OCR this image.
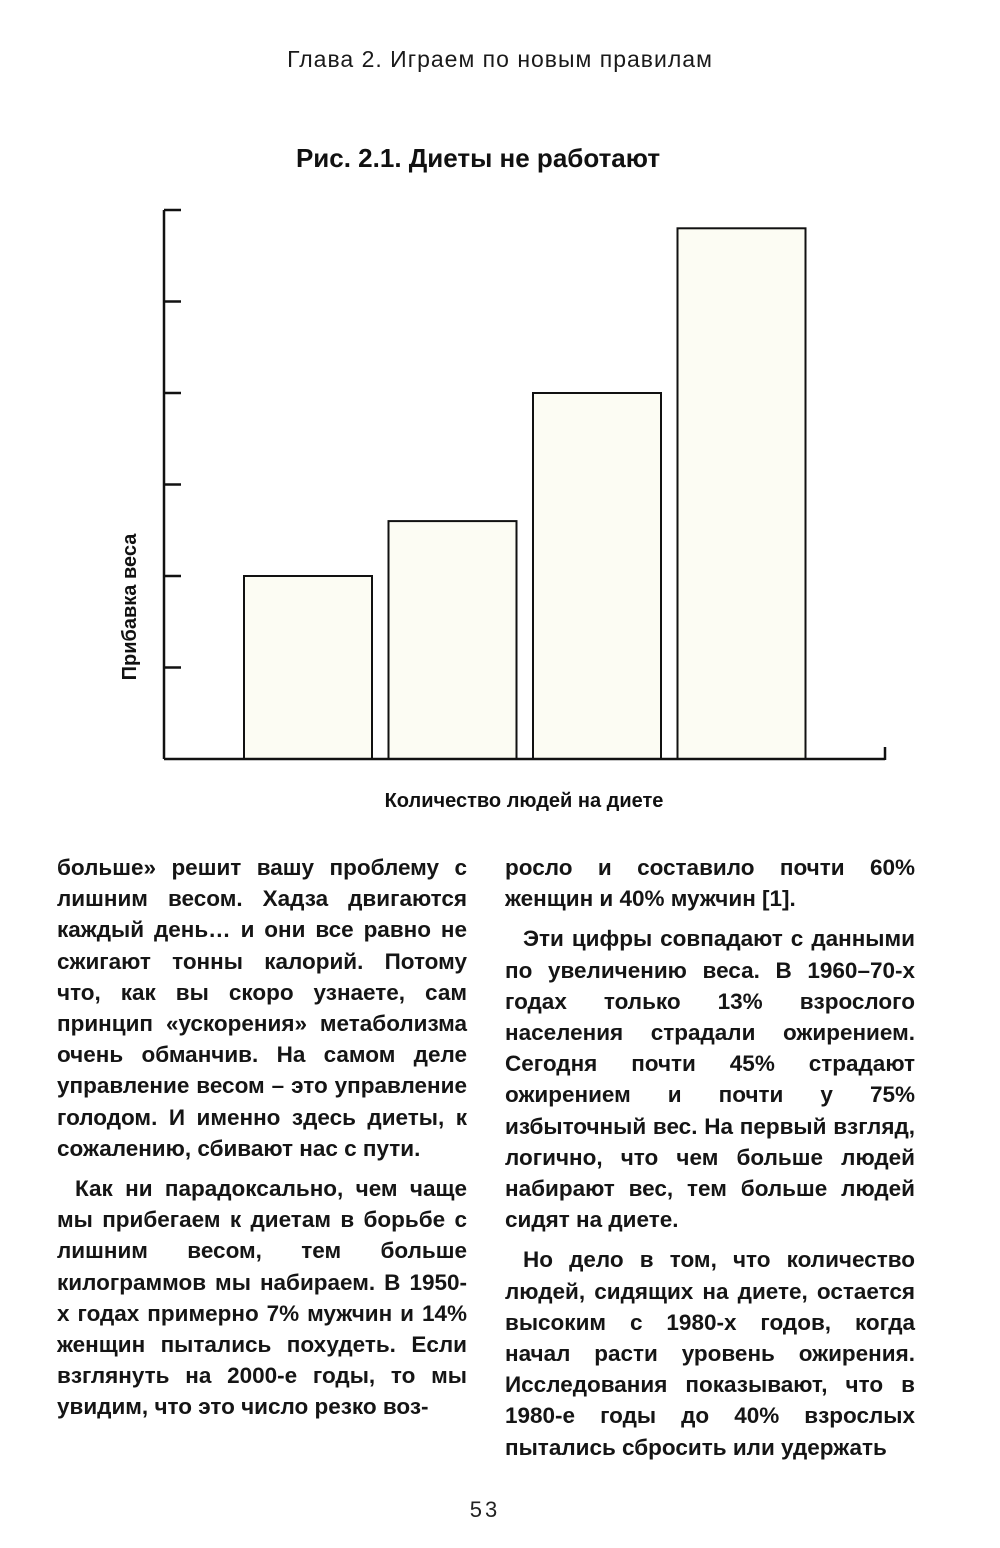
Глава 2. Играем по новым правилам
Рис. 2.1. Диеты не работают
Прибавка веса
Количество людей на диете

больше» решит вашу проблему с лишним весом. Хадза двигаются каждый день… и они все равно не сжигают тонны калорий. Потому что, как вы скоро узнаете, сам принцип «ускорения» метаболизма очень обманчив. На самом деле управление весом – это управление голодом. И именно здесь диеты, к сожалению, сбивают нас с пути.

Как ни парадоксально, чем чаще мы прибегаем к диетам в борьбе с лишним весом, тем больше килограммов мы набираем. В 1950-х годах примерно 7% мужчин и 14% женщин пытались похудеть. Если взглянуть на 2000-е годы, то мы увидим, что это число резко воз-

росло и составило почти 60% женщин и 40% мужчин [1].

Эти цифры совпадают с данными по увеличению веса. В 1960–70-х годах только 13% взрослого населения страдали ожирением. Сегодня почти 45% страдают ожирением и почти у 75% избыточный вес. На первый взгляд, логично, что чем больше людей набирают вес, тем больше людей сидят на диете.

Но дело в том, что количество людей, сидящих на диете, остается высоким с 1980-х годов, когда начал расти уровень ожирения. Исследования показывают, что в 1980-е годы до 40% взрослых пытались сбросить или удержать

53
